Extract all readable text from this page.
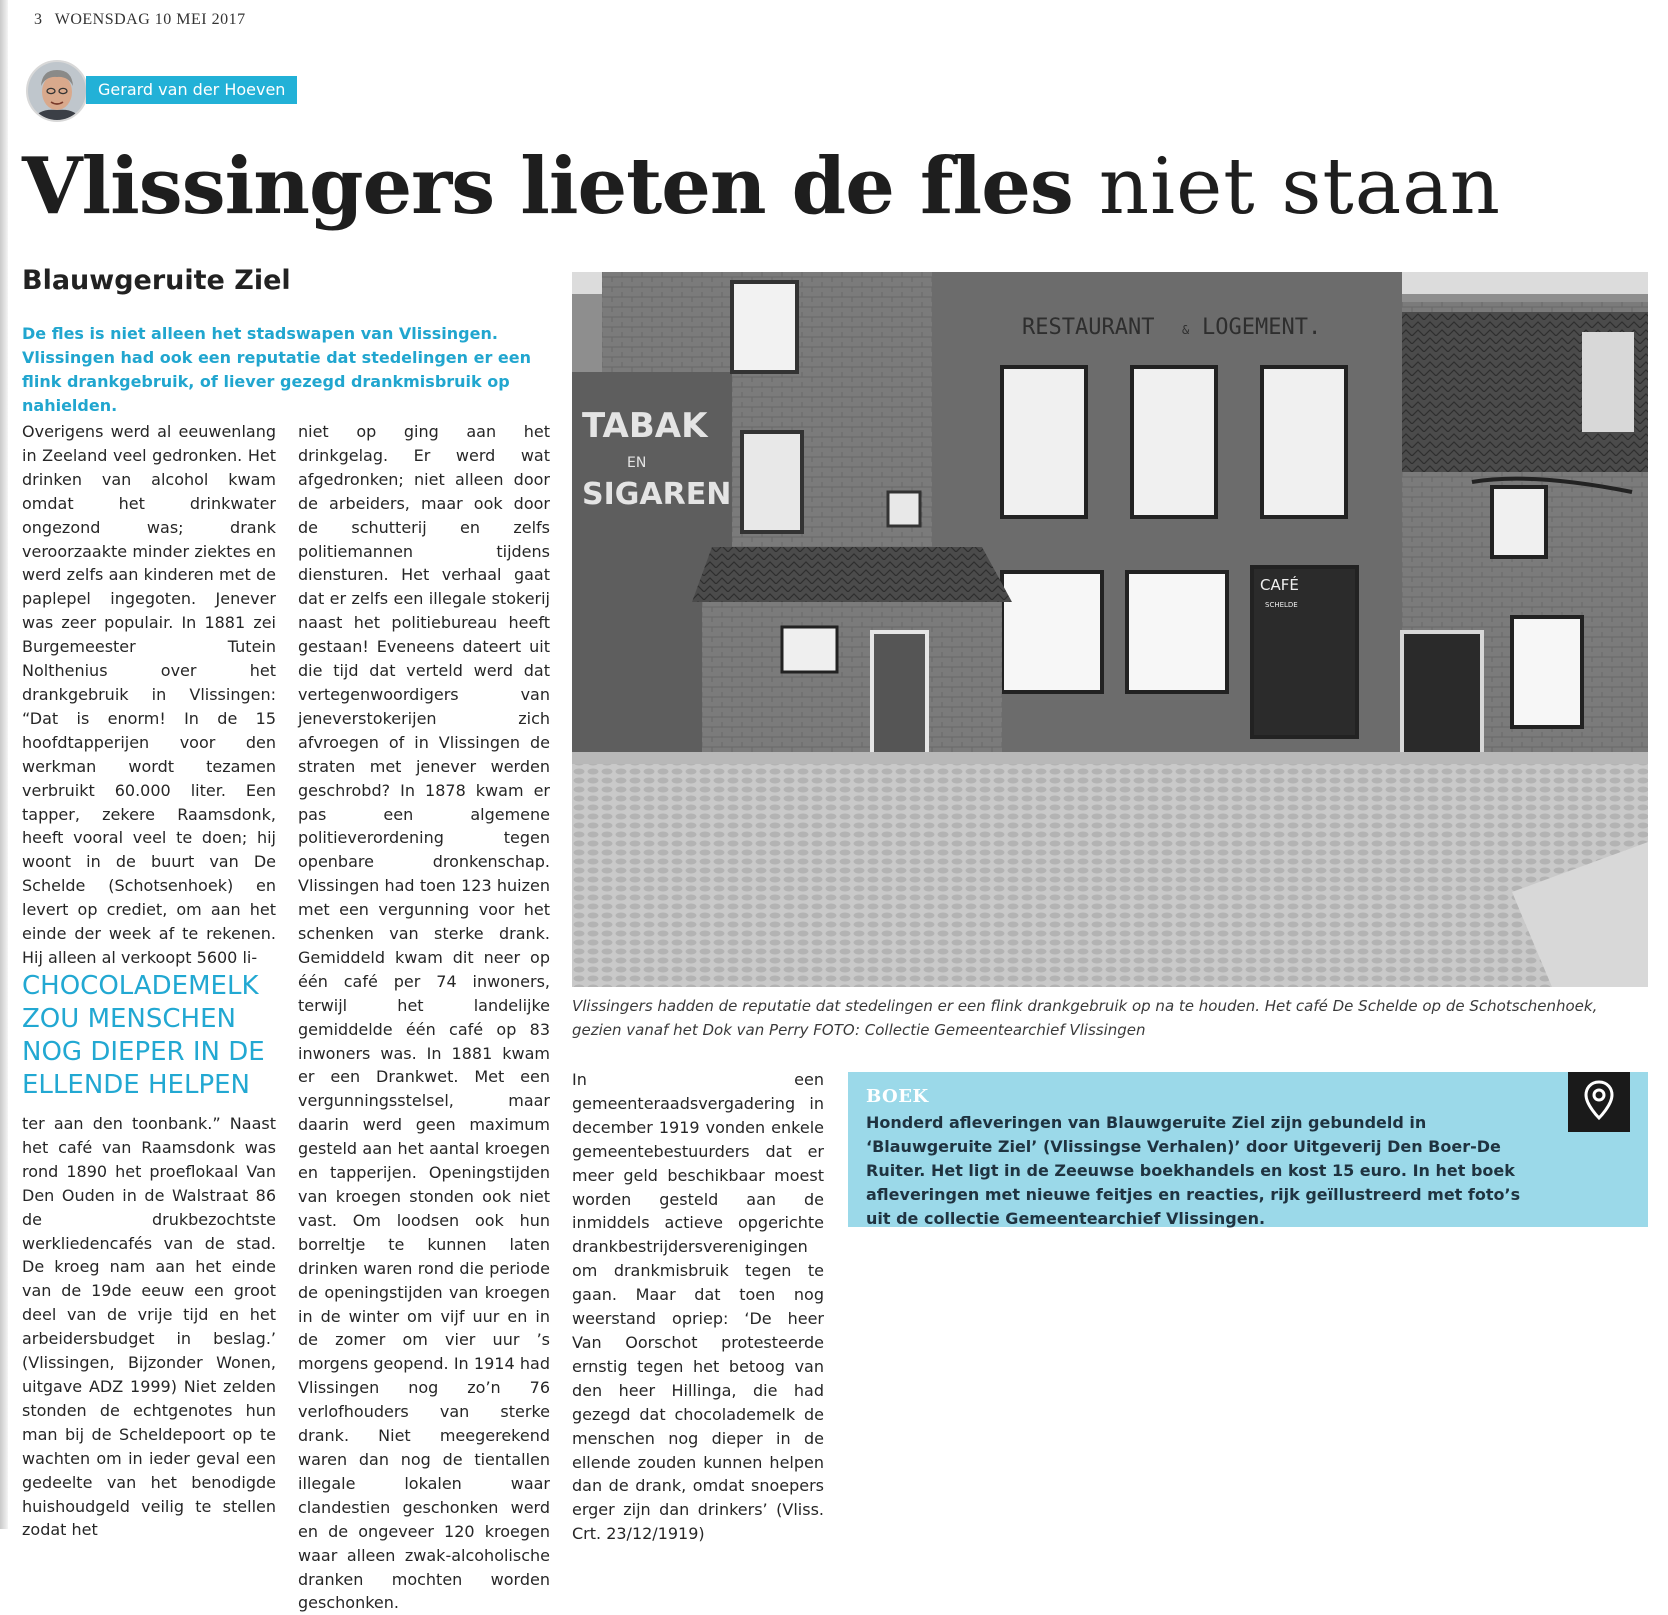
3 WOENSDAG 10 MEI 2017
Gerard van der Hoeven
Vlissingers lieten de fles niet staan
Blauwgeruite Ziel

De fles is niet alleen het stadswapen van Vlissingen. Vlissingen had ook een reputatie dat stedelingen er een flink drankgebruik, of liever gezegd drankmisbruik op nahielden.

Overigens werd al eeuwenlang in Zeeland veel gedronken. Het drinken van alcohol kwam omdat het drinkwater ongezond was; drank veroorzaakte minder ziektes en werd zelfs aan kinderen met de paplepel ingegoten. Jenever was zeer populair. In 1881 zei Burgemeester Tutein Nolthenius over het drankgebruik in Vlissingen: “Dat is enorm! In de 15 hoofdtapperijen voor den werkman wordt tezamen verbruikt 60.000 liter. Een tapper, zekere Raamsdonk, heeft vooral veel te doen; hij woont in de buurt van De Schelde (Schotsenhoek) en levert op crediet, om aan het einde der week af te rekenen. Hij alleen al verkoopt 5600 li-

CHOCOLADEMELK ZOU MENSCHEN NOG DIEPER IN DE ELLENDE HELPEN

ter aan den toonbank.” Naast het café van Raamsdonk was rond 1890 het proeflokaal Van Den Ouden in de Walstraat 86 de drukbezochtste werkliedencafés van de stad. De kroeg nam aan het einde van de 19de eeuw een groot deel van de vrije tijd en het arbeidersbudget in beslag.’ (Vlissingen, Bijzonder Wonen, uitgave ADZ 1999) Niet zelden stonden de echtgenotes hun man bij de Scheldepoort op te wachten om in ieder geval een gedeelte van het benodigde huishoudgeld veilig te stellen zodat het

niet op ging aan het drinkgelag. Er werd wat afgedronken; niet alleen door de arbeiders, maar ook door de schutterij en zelfs politiemannen tijdens diensturen. Het verhaal gaat dat er zelfs een illegale stokerij naast het politiebureau heeft gestaan! Eveneens dateert uit die tijd dat verteld werd dat vertegenwoordigers van jeneverstokerijen zich afvroegen of in Vlissingen de straten met jenever werden geschrobd? In 1878 kwam er pas een algemene politieverordening tegen openbare dronkenschap. Vlissingen had toen 123 huizen met een vergunning voor het schenken van sterke drank. Gemiddeld kwam dit neer op één café per 74 inwoners, terwijl het landelijke gemiddelde één café op 83 inwoners was. In 1881 kwam er een Drankwet. Met een vergunningsstelsel, maar daarin werd geen maximum gesteld aan het aantal kroegen en tapperijen. Openingstijden van kroegen stonden ook niet vast. Om loodsen ook hun borreltje te kunnen laten drinken waren rond die periode de openingstijden van kroegen in de winter om vijf uur en in de zomer om vier uur ’s morgens geopend. In 1914 had Vlissingen nog zo’n 76 verlofhouders van sterke drank. Niet meegerekend waren dan nog de tientallen illegale lokalen waar clandestien geschonken werd en de ongeveer 120 kroegen waar alleen zwak-alcoholische dranken mochten worden geschonken.

RESTAURANT & LOGEMENT.
TABAK
EN
SIGAREN
CAFÉ
SCHELDE

Vlissingers hadden de reputatie dat stedelingen er een flink drankgebruik op na te houden. Het café De Schelde op de Schotschenhoek, gezien vanaf het Dok van Perry FOTO: Collectie Gemeentearchief Vlissingen

In een gemeenteraadsvergadering in december 1919 vonden enkele gemeentebestuurders dat er meer geld beschikbaar moest worden gesteld aan de inmiddels actieve opgerichte drankbestrijdersverenigingen om drankmisbruik tegen te gaan. Maar dat toen nog weerstand opriep: ‘De heer Van Oorschot protesteerde ernstig tegen het betoog van den heer Hillinga, die had gezegd dat chocolademelk de menschen nog dieper in de ellende zouden kunnen helpen dan de drank, omdat snoepers erger zijn dan drinkers’ (Vliss. Crt. 23/12/1919)

BOEK

Honderd afleveringen van Blauwgeruite Ziel zijn gebundeld in ‘Blauwgeruite Ziel’ (Vlissingse Verhalen)’ door Uitgeverij Den Boer-De Ruiter. Het ligt in de Zeeuwse boekhandels en kost 15 euro. In het boek afleveringen met nieuwe feitjes en reacties, rijk geïllustreerd met foto’s uit de collectie Gemeentearchief Vlissingen.
